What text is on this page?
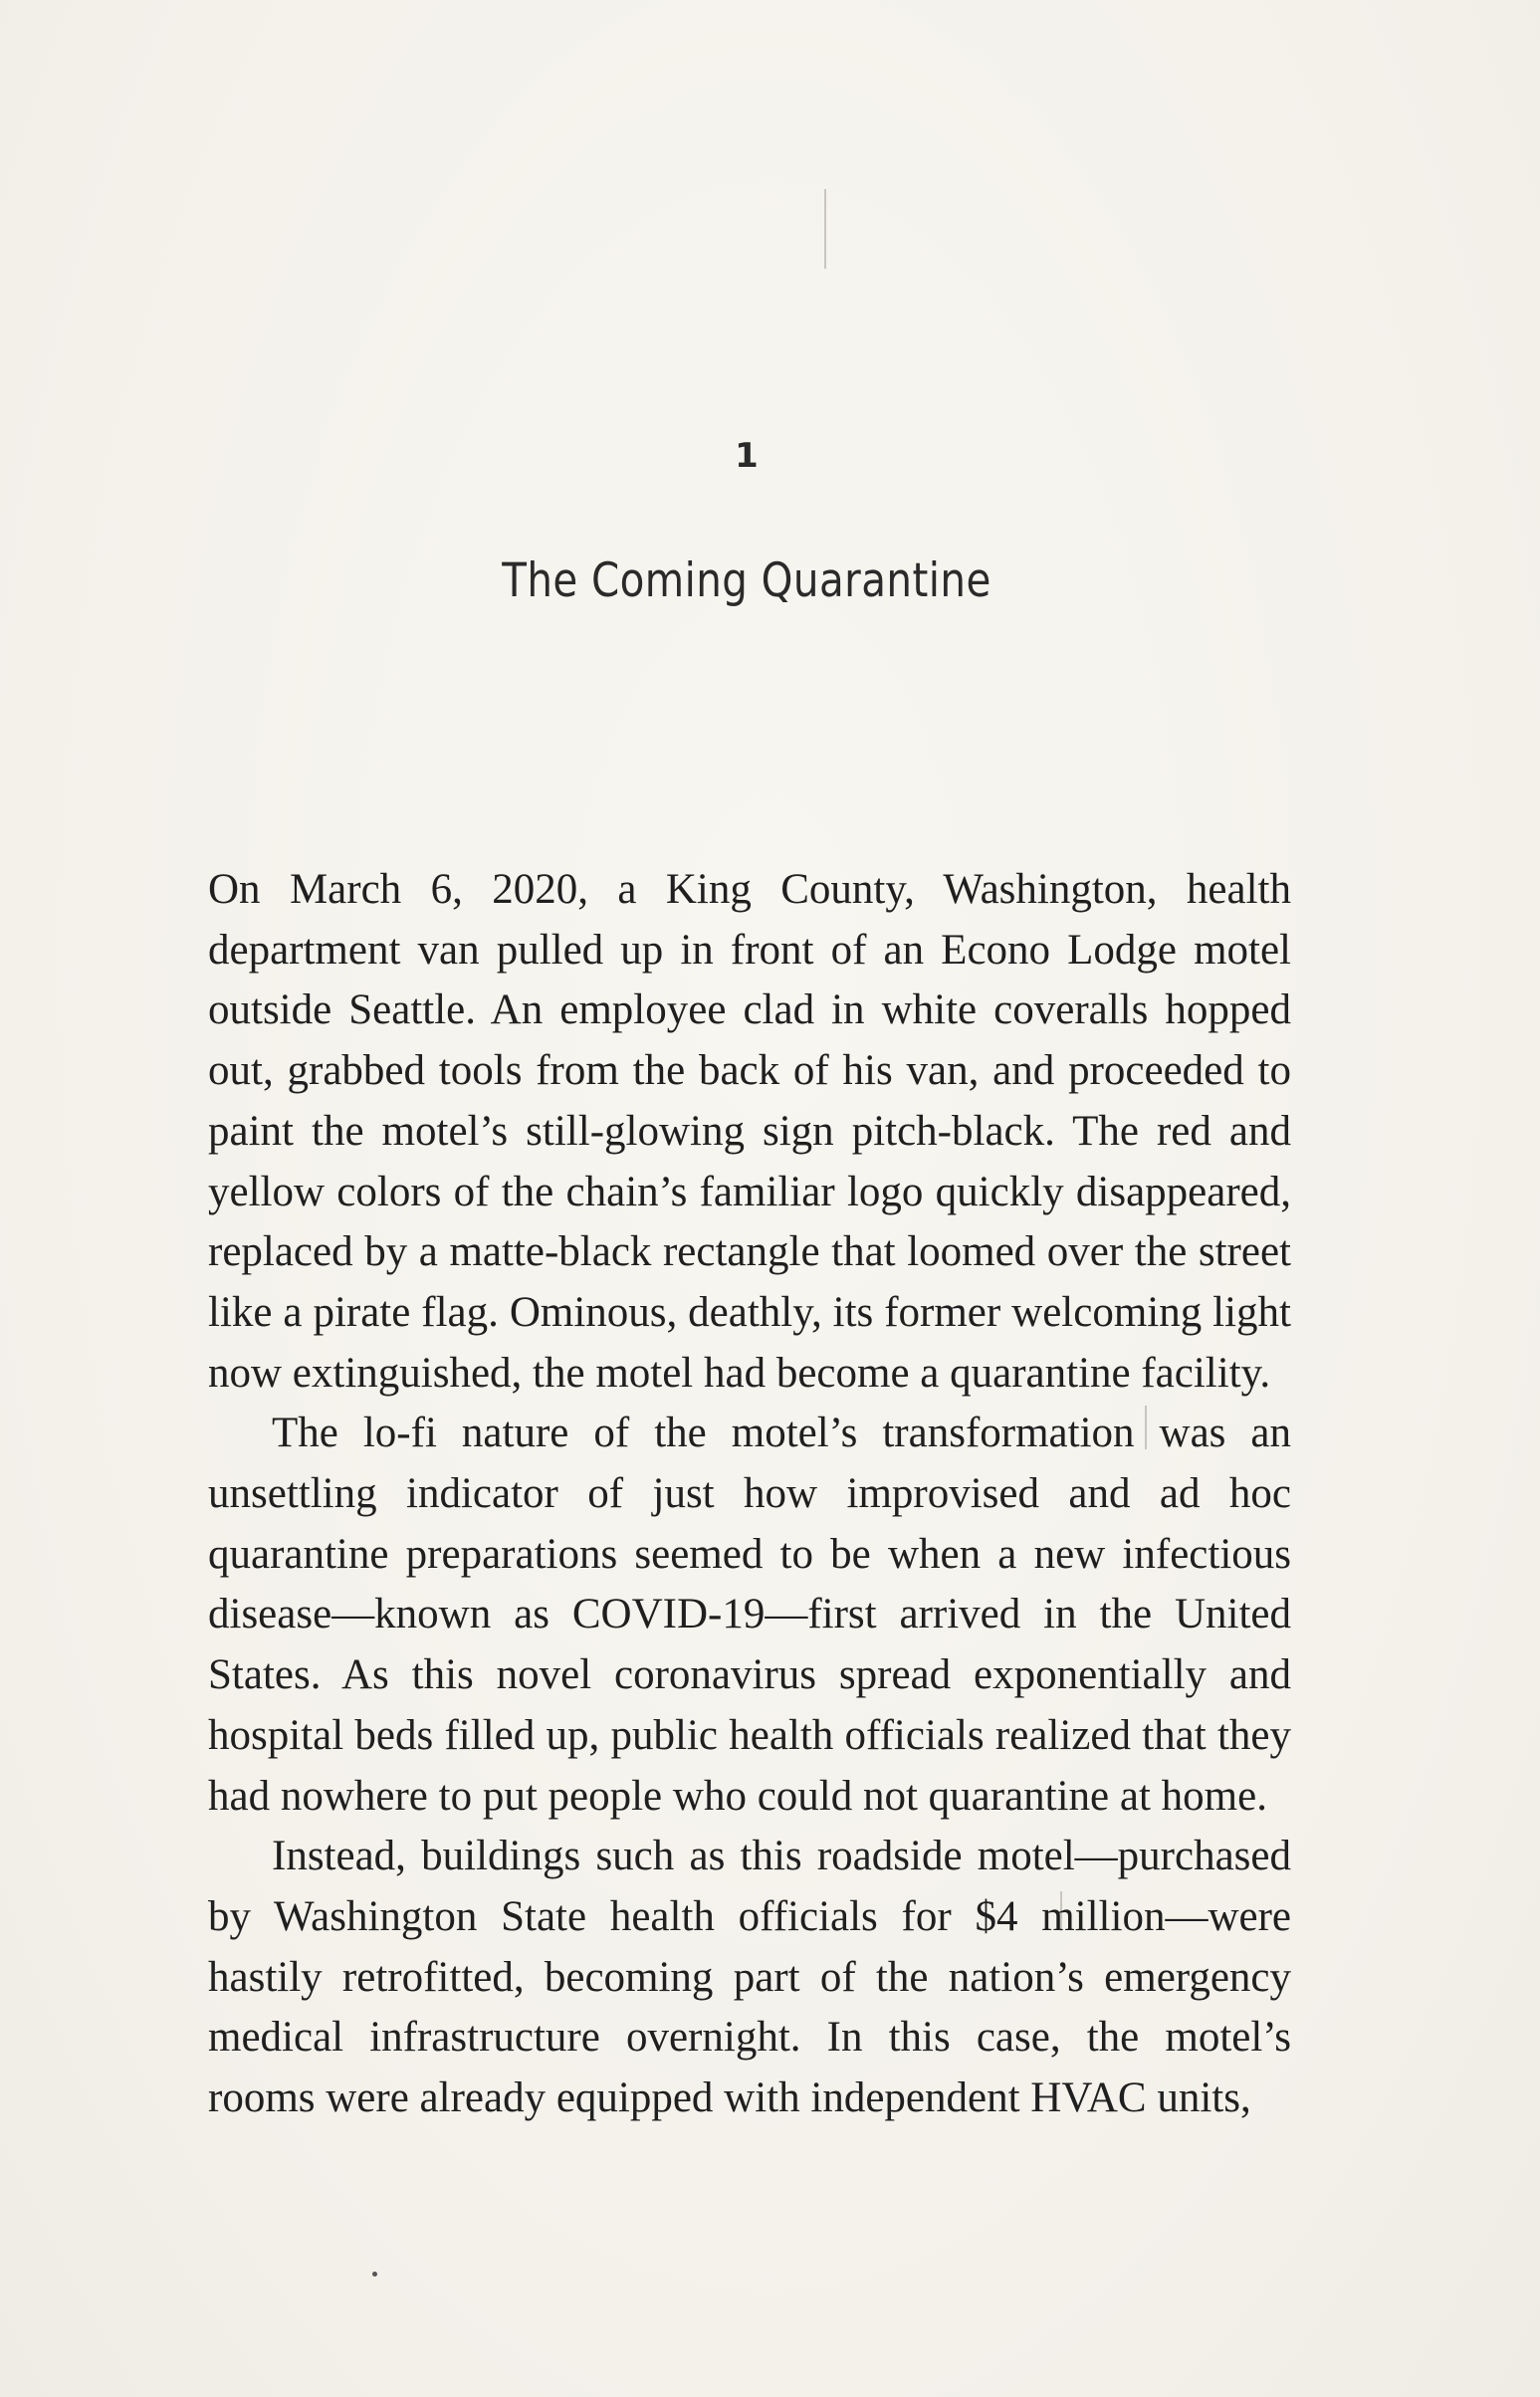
1
The Coming Quarantine

On March 6, 2020, a King County, Washington, health department van pulled up in front of an Econo Lodge motel outside Seattle. An employee clad in white coveralls hopped out, grabbed tools from the back of his van, and proceeded to paint the motel’s still-glowing sign pitch-black. The red and yellow colors of the chain’s familiar logo quickly disappeared, replaced by a matte-black rectangle that loomed over the street like a pirate flag. Ominous, deathly, its former welcoming light now extinguished, the motel had become a quarantine facility.

The lo-fi nature of the motel’s transformation was an unsettling indicator of just how improvised and ad hoc quarantine preparations seemed to be when a new infectious disease—known as COVID-19—first arrived in the United States. As this novel coronavirus spread exponentially and hospital beds filled up, public health officials realized that they had nowhere to put people who could not quarantine at home.

Instead, buildings such as this roadside motel—purchased by Washington State health officials for $4 million—were hastily retrofitted, becoming part of the nation’s emergency medical infrastructure overnight. In this case, the motel’s rooms were already equipped with independent HVAC units,
